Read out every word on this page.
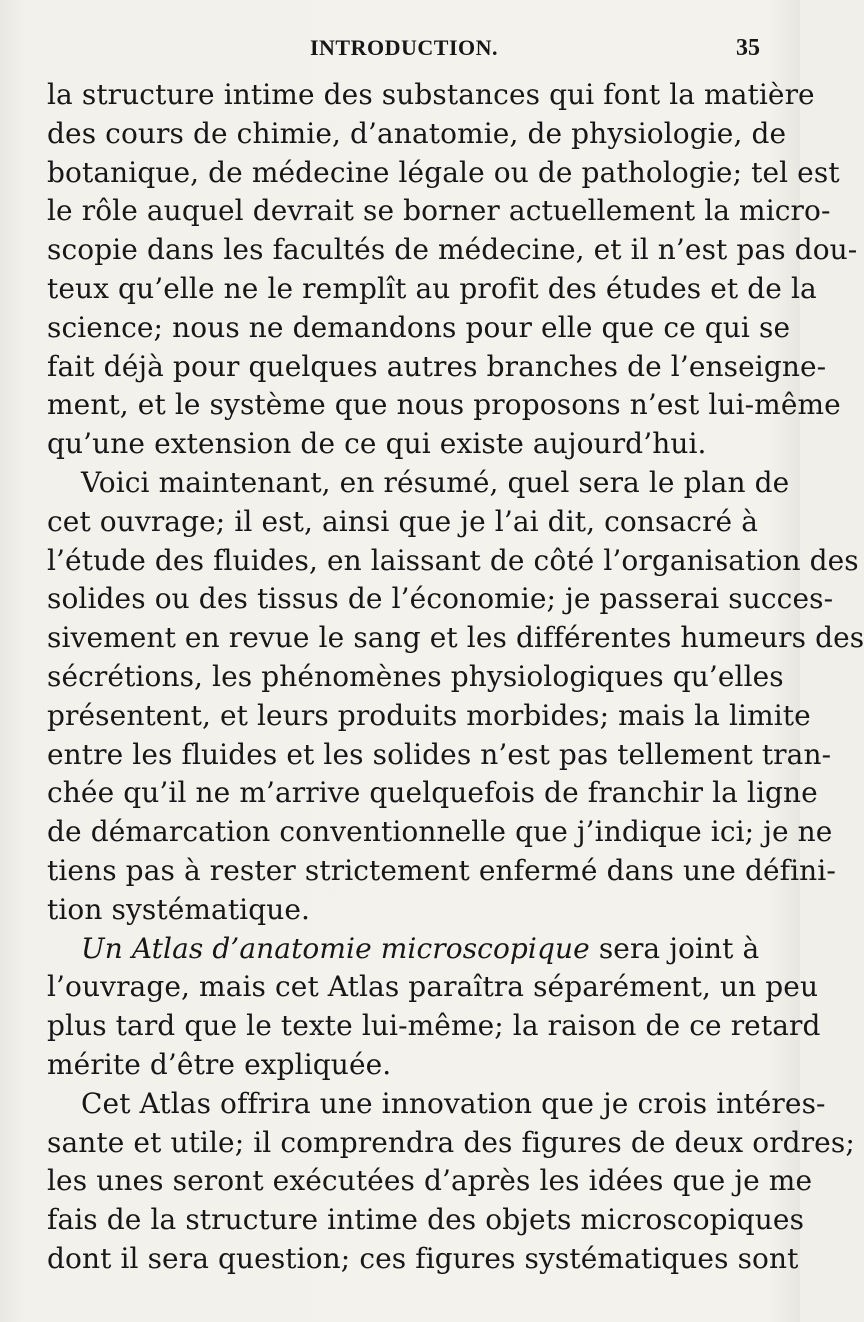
INTRODUCTION.	35
la structure intime des substances qui font la matière
des cours de chimie, d’anatomie, de physiologie, de
botanique, de médecine légale ou de pathologie; tel est
le rôle auquel devrait se borner actuellement la micro-
scopie dans les facultés de médecine, et il n’est pas dou-
teux qu’elle ne le remplît au profit des études et de la
science; nous ne demandons pour elle que ce qui se
fait déjà pour quelques autres branches de l’enseigne-
ment, et le système que nous proposons n’est lui-même
qu’une extension de ce qui existe aujourd’hui.
Voici maintenant, en résumé, quel sera le plan de
cet ouvrage; il est, ainsi que je l’ai dit, consacré à
l’étude des fluides, en laissant de côté l’organisation des
solides ou des tissus de l’économie; je passerai succes-
sivement en revue le sang et les différentes humeurs des
sécrétions, les phénomènes physiologiques qu’elles
présentent, et leurs produits morbides; mais la limite
entre les fluides et les solides n’est pas tellement tran-
chée qu’il ne m’arrive quelquefois de franchir la ligne
de démarcation conventionnelle que j’indique ici; je ne
tiens pas à rester strictement enfermé dans une défini-
tion systématique.
Un Atlas d’anatomie microscopique sera joint à
l’ouvrage, mais cet Atlas paraîtra séparément, un peu
plus tard que le texte lui-même; la raison de ce retard
mérite d’être expliquée.
Cet Atlas offrira une innovation que je crois intéres-
sante et utile; il comprendra des figures de deux ordres;
les unes seront exécutées d’après les idées que je me
fais de la structure intime des objets microscopiques
dont il sera question; ces figures systématiques sont
